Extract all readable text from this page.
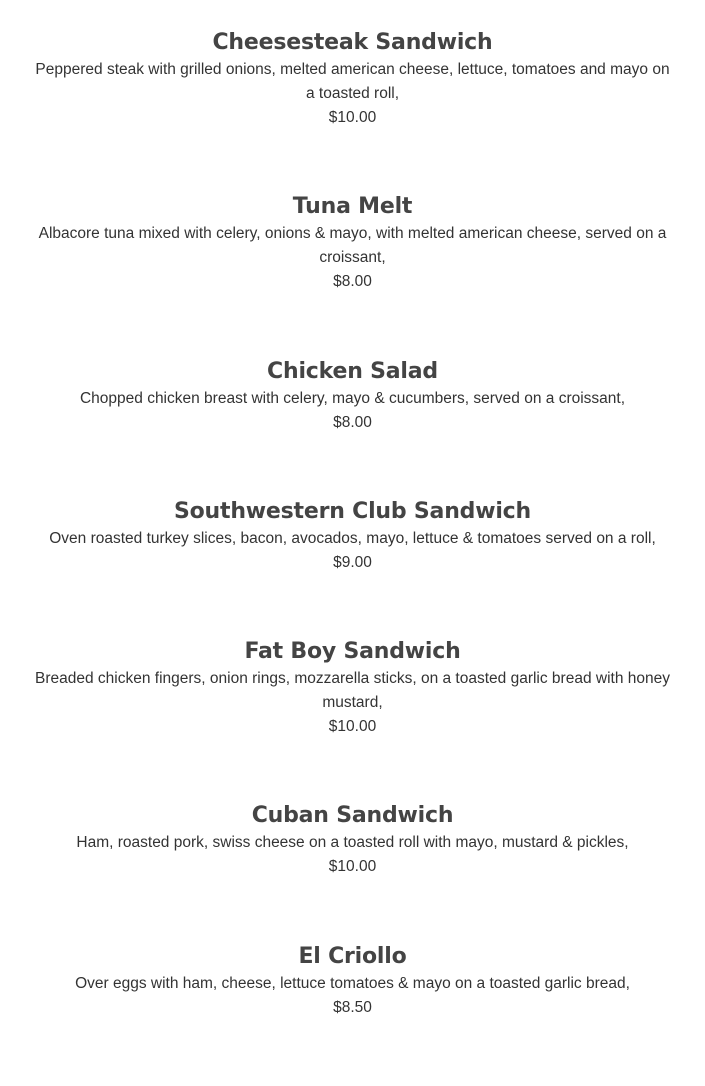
Cheesesteak Sandwich

Peppered steak with grilled onions, melted american cheese, lettuce, tomatoes and mayo on a toasted roll,

$10.00

Tuna Melt

Albacore tuna mixed with celery, onions & mayo, with melted american cheese, served on a croissant,

$8.00

Chicken Salad

Chopped chicken breast with celery, mayo & cucumbers, served on a croissant,

$8.00

Southwestern Club Sandwich

Oven roasted turkey slices, bacon, avocados, mayo, lettuce & tomatoes served on a roll,

$9.00

Fat Boy Sandwich

Breaded chicken fingers, onion rings, mozzarella sticks, on a toasted garlic bread with honey mustard,

$10.00

Cuban Sandwich

Ham, roasted pork, swiss cheese on a toasted roll with mayo, mustard & pickles,

$10.00

El Criollo

Over eggs with ham, cheese, lettuce tomatoes & mayo on a toasted garlic bread,

$8.50
